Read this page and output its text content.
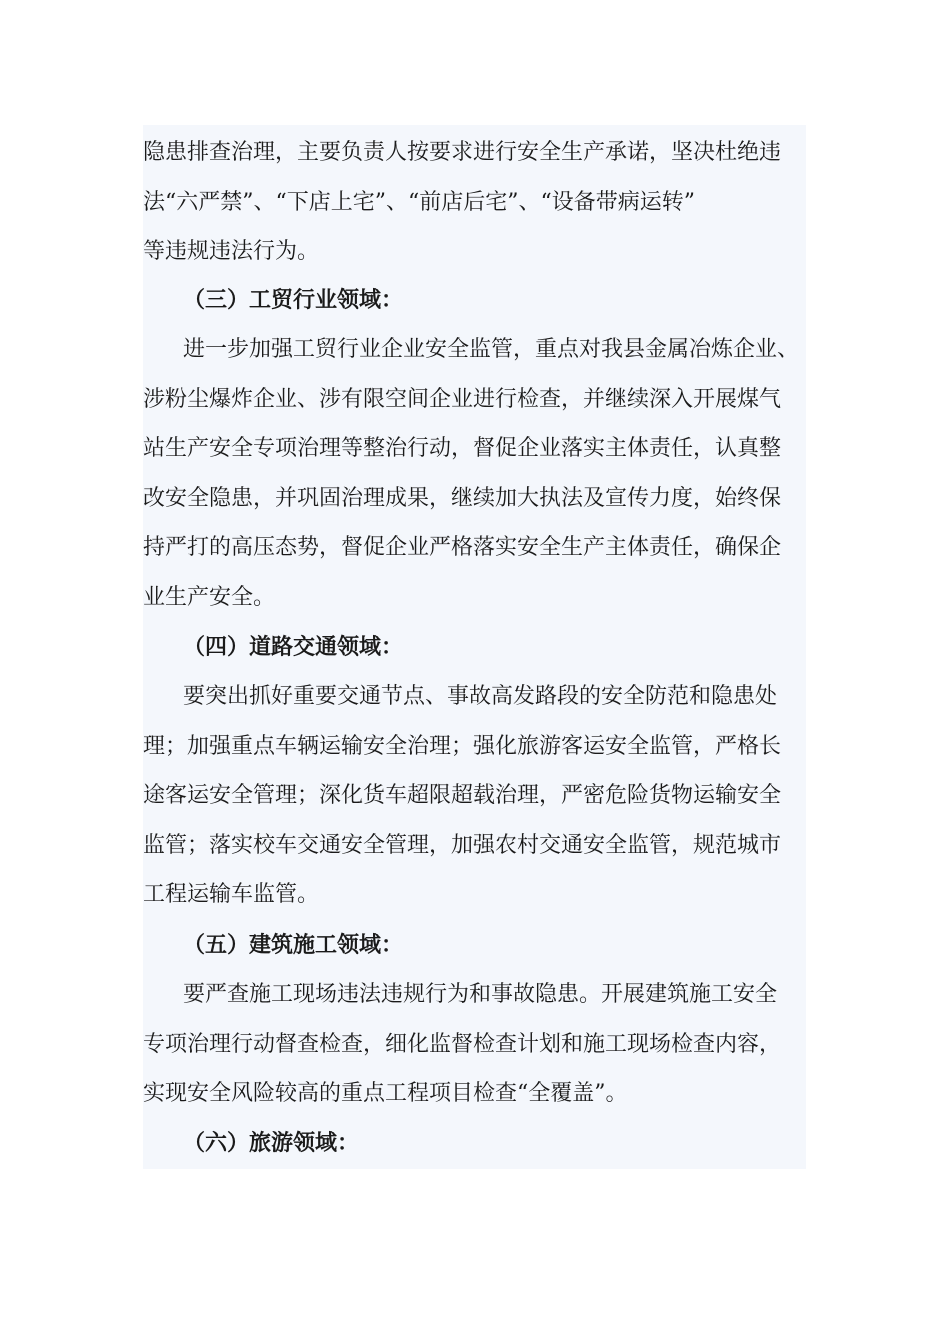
隐患排查治理，主要负责人按要求进行安全生产承诺，坚决杜绝违
法“六严禁”、“下店上宅”、“前店后宅”、“设备带病运转”
等违规违法行为。

（三）工贸行业领域：

进一步加强工贸行业企业安全监管，重点对我县金属冶炼企业、
涉粉尘爆炸企业、涉有限空间企业进行检查，并继续深入开展煤气
站生产安全专项治理等整治行动，督促企业落实主体责任，认真整
改安全隐患，并巩固治理成果，继续加大执法及宣传力度，始终保
持严打的高压态势，督促企业严格落实安全生产主体责任，确保企
业生产安全。

（四）道路交通领域：

要突出抓好重要交通节点、事故高发路段的安全防范和隐患处
理；加强重点车辆运输安全治理；强化旅游客运安全监管，严格长
途客运安全管理；深化货车超限超载治理，严密危险货物运输安全
监管；落实校车交通安全管理，加强农村交通安全监管，规范城市
工程运输车监管。

（五）建筑施工领域：

要严查施工现场违法违规行为和事故隐患。开展建筑施工安全
专项治理行动督查检查，细化监督检查计划和施工现场检查内容，
实现安全风险较高的重点工程项目检查“全覆盖”。

（六）旅游领域：
